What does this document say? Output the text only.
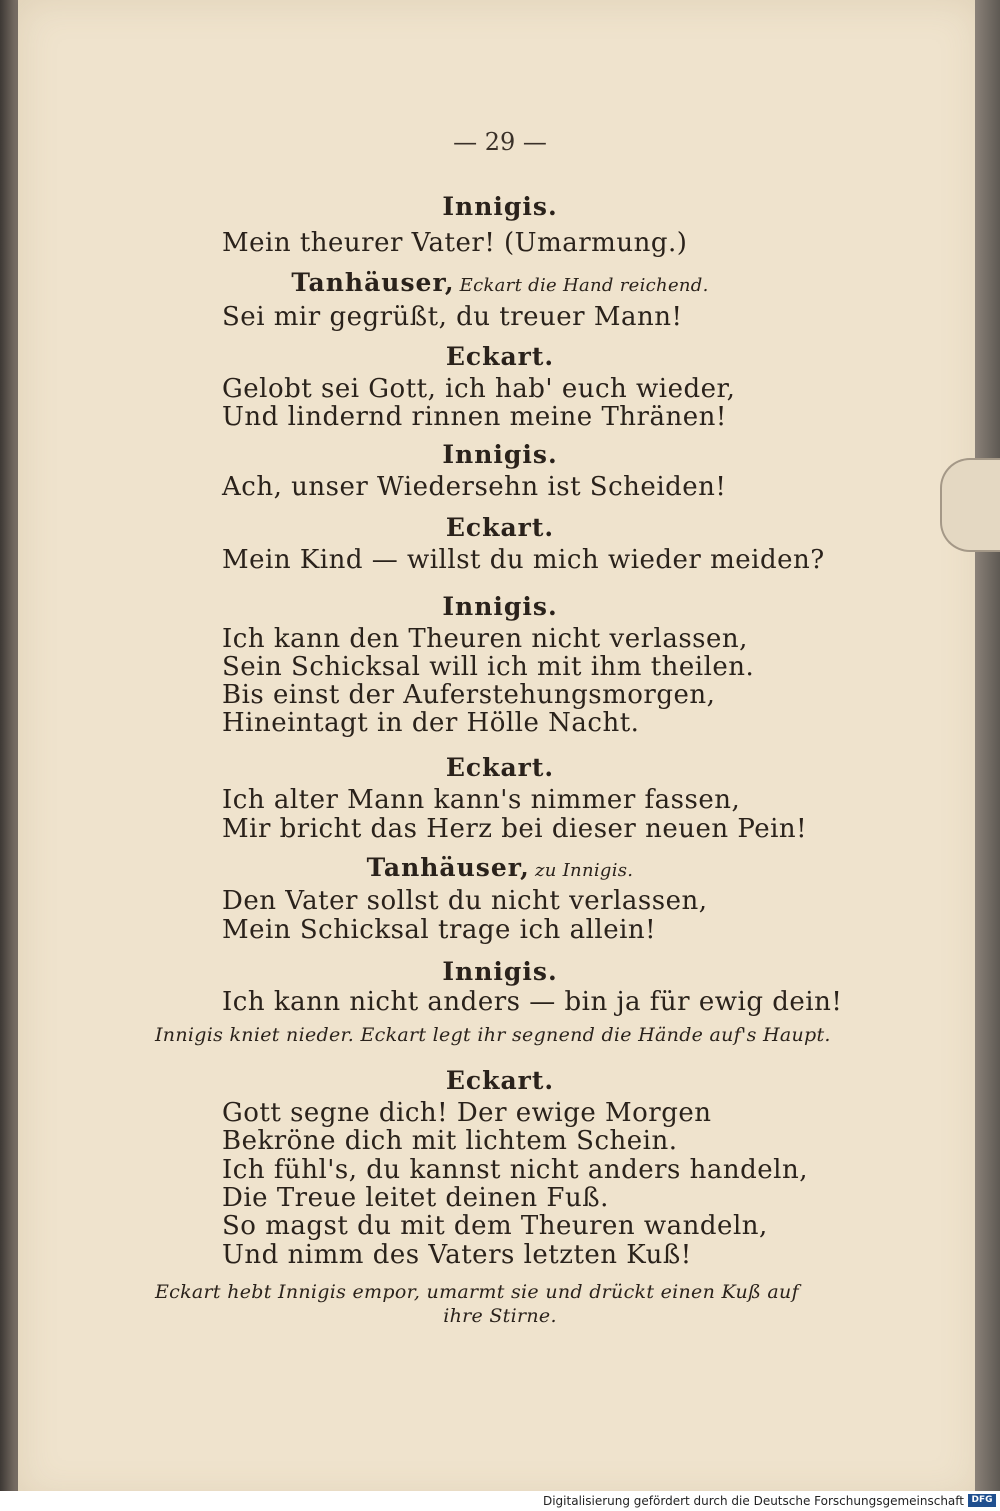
— 29 —
Innigis.
Mein theurer Vater! (Umarmung.)
Tanhäuser, Eckart die Hand reichend.
Sei mir gegrüßt, du treuer Mann!
Eckart.
Gelobt sei Gott, ich hab' euch wieder,
Und lindernd rinnen meine Thränen!
Innigis.
Ach, unser Wiedersehn ist Scheiden!
Eckart.
Mein Kind — willst du mich wieder meiden?
Innigis.
Ich kann den Theuren nicht verlassen,
Sein Schicksal will ich mit ihm theilen.
Bis einst der Auferstehungsmorgen,
Hineintagt in der Hölle Nacht.
Eckart.
Ich alter Mann kann's nimmer fassen,
Mir bricht das Herz bei dieser neuen Pein!
Tanhäuser, zu Innigis.
Den Vater sollst du nicht verlassen,
Mein Schicksal trage ich allein!
Innigis.
Ich kann nicht anders — bin ja für ewig dein!
Innigis kniet nieder. Eckart legt ihr segnend die Hände auf's Haupt.
Eckart.
Gott segne dich! Der ewige Morgen
Bekröne dich mit lichtem Schein.
Ich fühl's, du kannst nicht anders handeln,
Die Treue leitet deinen Fuß.
So magst du mit dem Theuren wandeln,
Und nimm des Vaters letzten Kuß!
Eckart hebt Innigis empor, umarmt sie und drückt einen Kuß auf
ihre Stirne.
Digitalisierung gefördert durch die Deutsche Forschungsgemeinschaft DFG
